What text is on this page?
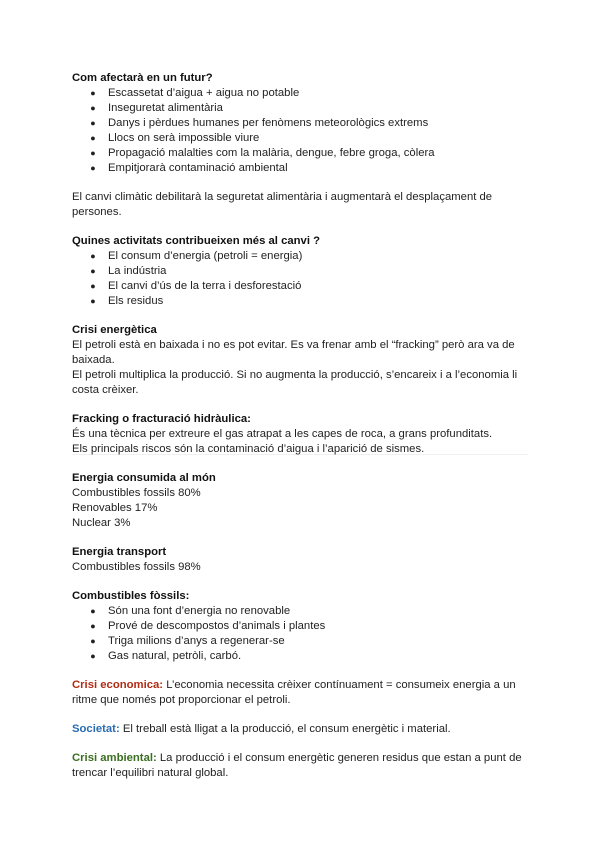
Com afectarà en un futur?
● Escassetat d’aigua + aigua no potable
● Inseguretat alimentària
● Danys i pèrdues humanes per fenòmens meteorològics extrems
● Llocs on serà impossible viure
● Propagació malalties com la malària, dengue, febre groga, còlera
● Empitjorarà contaminació ambiental

El canvi climàtic debilitarà la seguretat alimentària i augmentarà el desplaçament de persones.

Quines activitats contribueixen més al canvi ?
● El consum d’energia (petroli = energia)
● La indústria
● El canvi d’ús de la terra i desforestació
● Els residus
Crisi energètica

El petroli està en baixada i no es pot evitar. Es va frenar amb el “fracking” però ara va de baixada.

El petroli multiplica la producció. Si no augmenta la producció, s’encareix i a l’economia li costa crèixer.

Fracking o fracturació hidràulica:

És una tècnica per extreure el gas atrapat a les capes de roca, a grans profunditats.

Els principals riscos són la contaminació d’aigua i l’aparició de sismes.

Energia consumida al món

Combustibles fossils 80%

Renovables 17%

Nuclear 3%

Energia transport

Combustibles fossils 98%

Combustibles fòssils:
● Són una font d’energia no renovable
● Prové de descompostos d’animals i plantes
● Triga milions d’anys a regenerar-se
● Gas natural, petròli, carbó.

Crisi economica: L’economia necessita crèixer contínuament = consumeix energia a un ritme que només pot proporcionar el petroli.

Societat: El treball està lligat a la producció, el consum energètic i material.

Crisi ambiental: La producció i el consum energètic generen residus que estan a punt de trencar l’equilibri natural global.
